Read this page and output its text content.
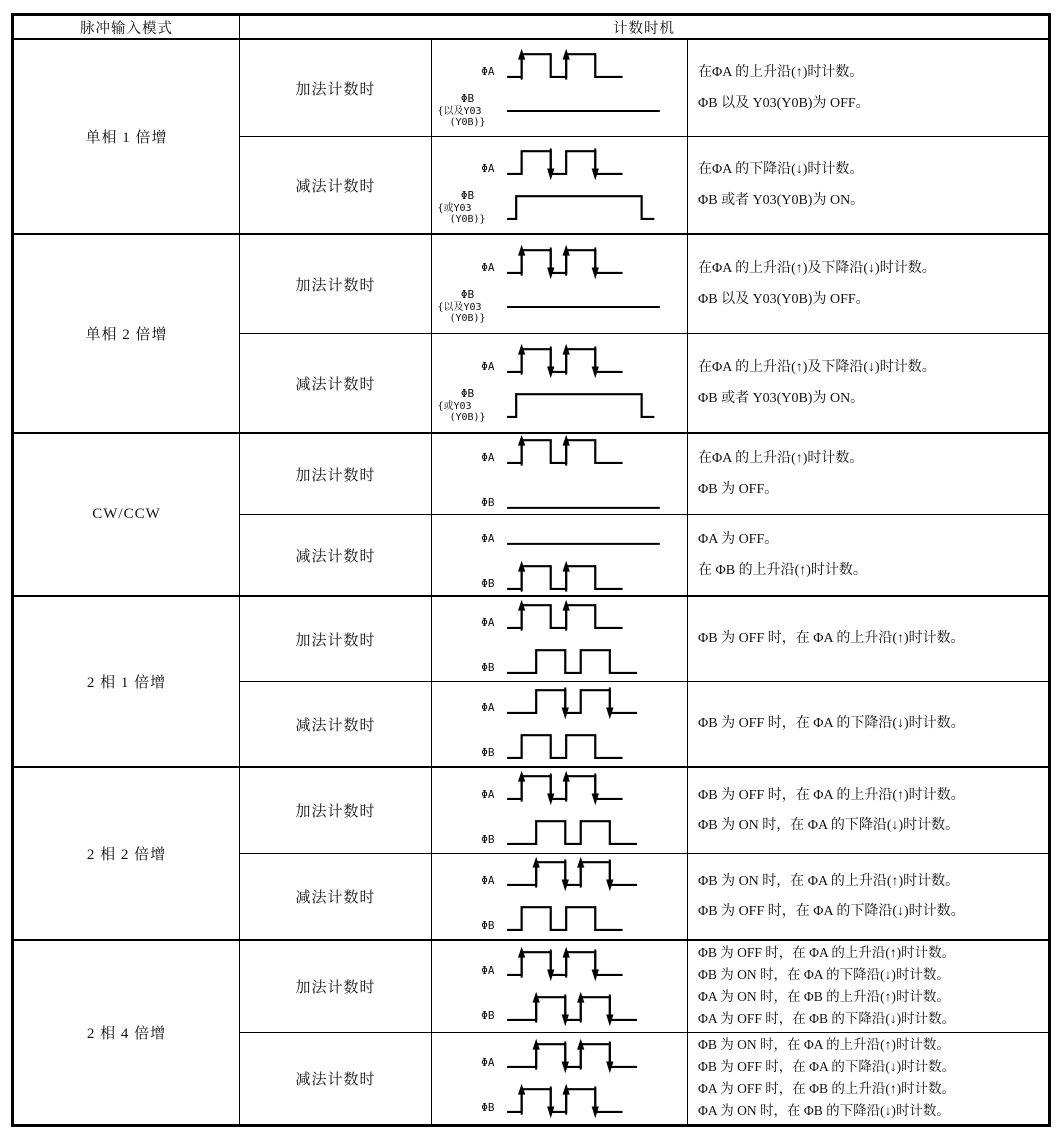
脉冲输入模式	计数时机
单相 1 倍增
加法计数时
ΦA
ΦB
{以及Y03
(Y0B)}
在ΦA 的上升沿(↑)时计数。
ΦB 以及 Y03(Y0B)为 OFF。
减法计数时
ΦA
ΦB
{或Y03
(Y0B)}
在ΦA 的下降沿(↓)时计数。
ΦB 或者 Y03(Y0B)为 ON。
单相 2 倍增
加法计数时
ΦA
ΦB
{以及Y03
(Y0B)}
在ΦA 的上升沿(↑)及下降沿(↓)时计数。
ΦB 以及 Y03(Y0B)为 OFF。
减法计数时
ΦA
ΦB
{或Y03
(Y0B)}
在ΦA 的上升沿(↑)及下降沿(↓)时计数。
ΦB 或者 Y03(Y0B)为 ON。
CW/CCW
加法计数时
ΦA
ΦB
在ΦA 的上升沿(↑)时计数。
ΦB 为 OFF。
减法计数时
ΦA
ΦB
ΦA 为 OFF。
在 ΦB 的上升沿(↑)时计数。
2 相 1 倍增
加法计数时
ΦA
ΦB
ΦB 为 OFF 时，在 ΦA 的上升沿(↑)时计数。
减法计数时
ΦA
ΦB
ΦB 为 OFF 时，在 ΦA 的下降沿(↓)时计数。
2 相 2 倍增
加法计数时
ΦA
ΦB
ΦB 为 OFF 时，在 ΦA 的上升沿(↑)时计数。
ΦB 为 ON 时，在 ΦA 的下降沿(↓)时计数。
减法计数时
ΦA
ΦB
ΦB 为 ON 时，在 ΦA 的上升沿(↑)时计数。
ΦB 为 OFF 时，在 ΦA 的下降沿(↓)时计数。
2 相 4 倍增
加法计数时
ΦA
ΦB
ΦB 为 OFF 时，在 ΦA 的上升沿(↑)时计数。
ΦB 为 ON 时，在 ΦA 的下降沿(↓)时计数。
ΦA 为 ON 时，在 ΦB 的上升沿(↑)时计数。
ΦA 为 OFF 时，在 ΦB 的下降沿(↓)时计数。
减法计数时
ΦA
ΦB
ΦB 为 ON 时，在 ΦA 的上升沿(↑)时计数。
ΦB 为 OFF 时，在 ΦA 的下降沿(↓)时计数。
ΦA 为 OFF 时，在 ΦB 的上升沿(↑)时计数。
ΦA 为 ON 时，在 ΦB 的下降沿(↓)时计数。
